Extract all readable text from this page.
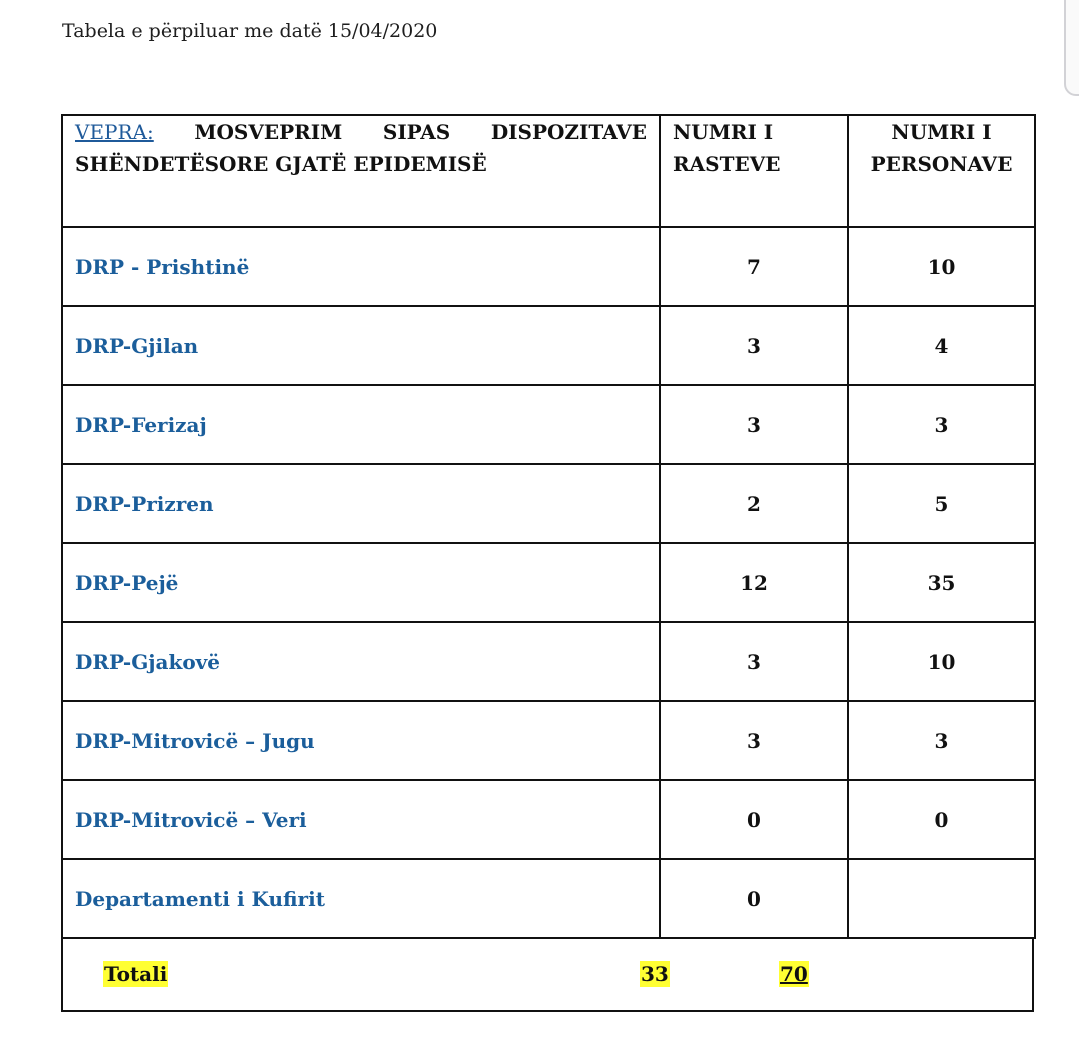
Tabela e përpiluar me datë 15/04/2020
VEPRA: MOSVEPRIM SIPAS DISPOZITAVE SHËNDETËSORE GJATË EPIDEMISË	NUMRI I RASTEVE	NUMRI I PERSONAVE
DRP - Prishtinë	7	10
DRP-Gjilan	3	4
DRP-Ferizaj	3	3
DRP-Prizren	2	5
DRP-Pejë	12	35
DRP-Gjakovë	3	10
DRP-Mitrovicë – Jugu	3	3
DRP-Mitrovicë – Veri	0	0
Departamenti i Kufirit	0	
Totali	33	70
